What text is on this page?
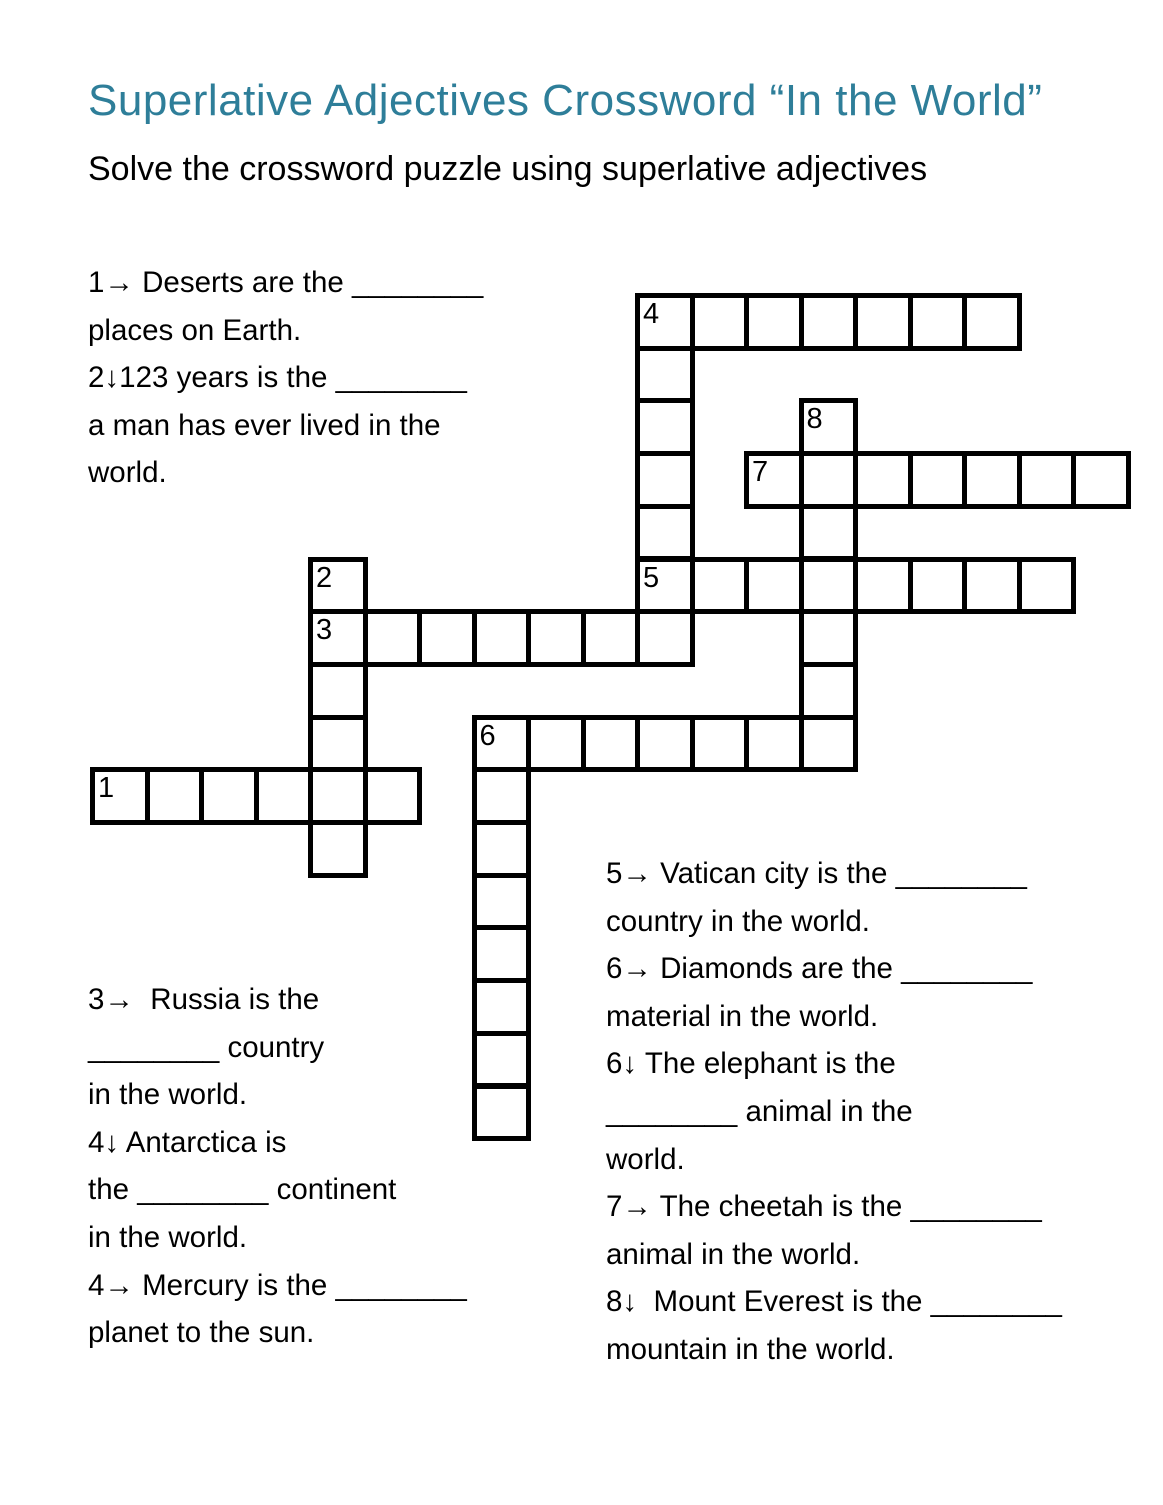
Superlative Adjectives Crossword “In the World”
Solve the crossword puzzle using superlative adjectives
4
8
7
2	5
3
6
1
1→ Deserts are the ________
places on Earth.
2↓123 years is the ________
a man has ever lived in the
world.
3→  Russia is the
________ country
in the world.
4↓ Antarctica is
the ________ continent
in the world.
4→ Mercury is the ________
planet to the sun.
5→ Vatican city is the ________
country in the world.
6→ Diamonds are the ________
material in the world.
6↓ The elephant is the
________ animal in the
world.
7→ The cheetah is the ________
animal in the world.
8↓  Mount Everest is the ________
mountain in the world.
